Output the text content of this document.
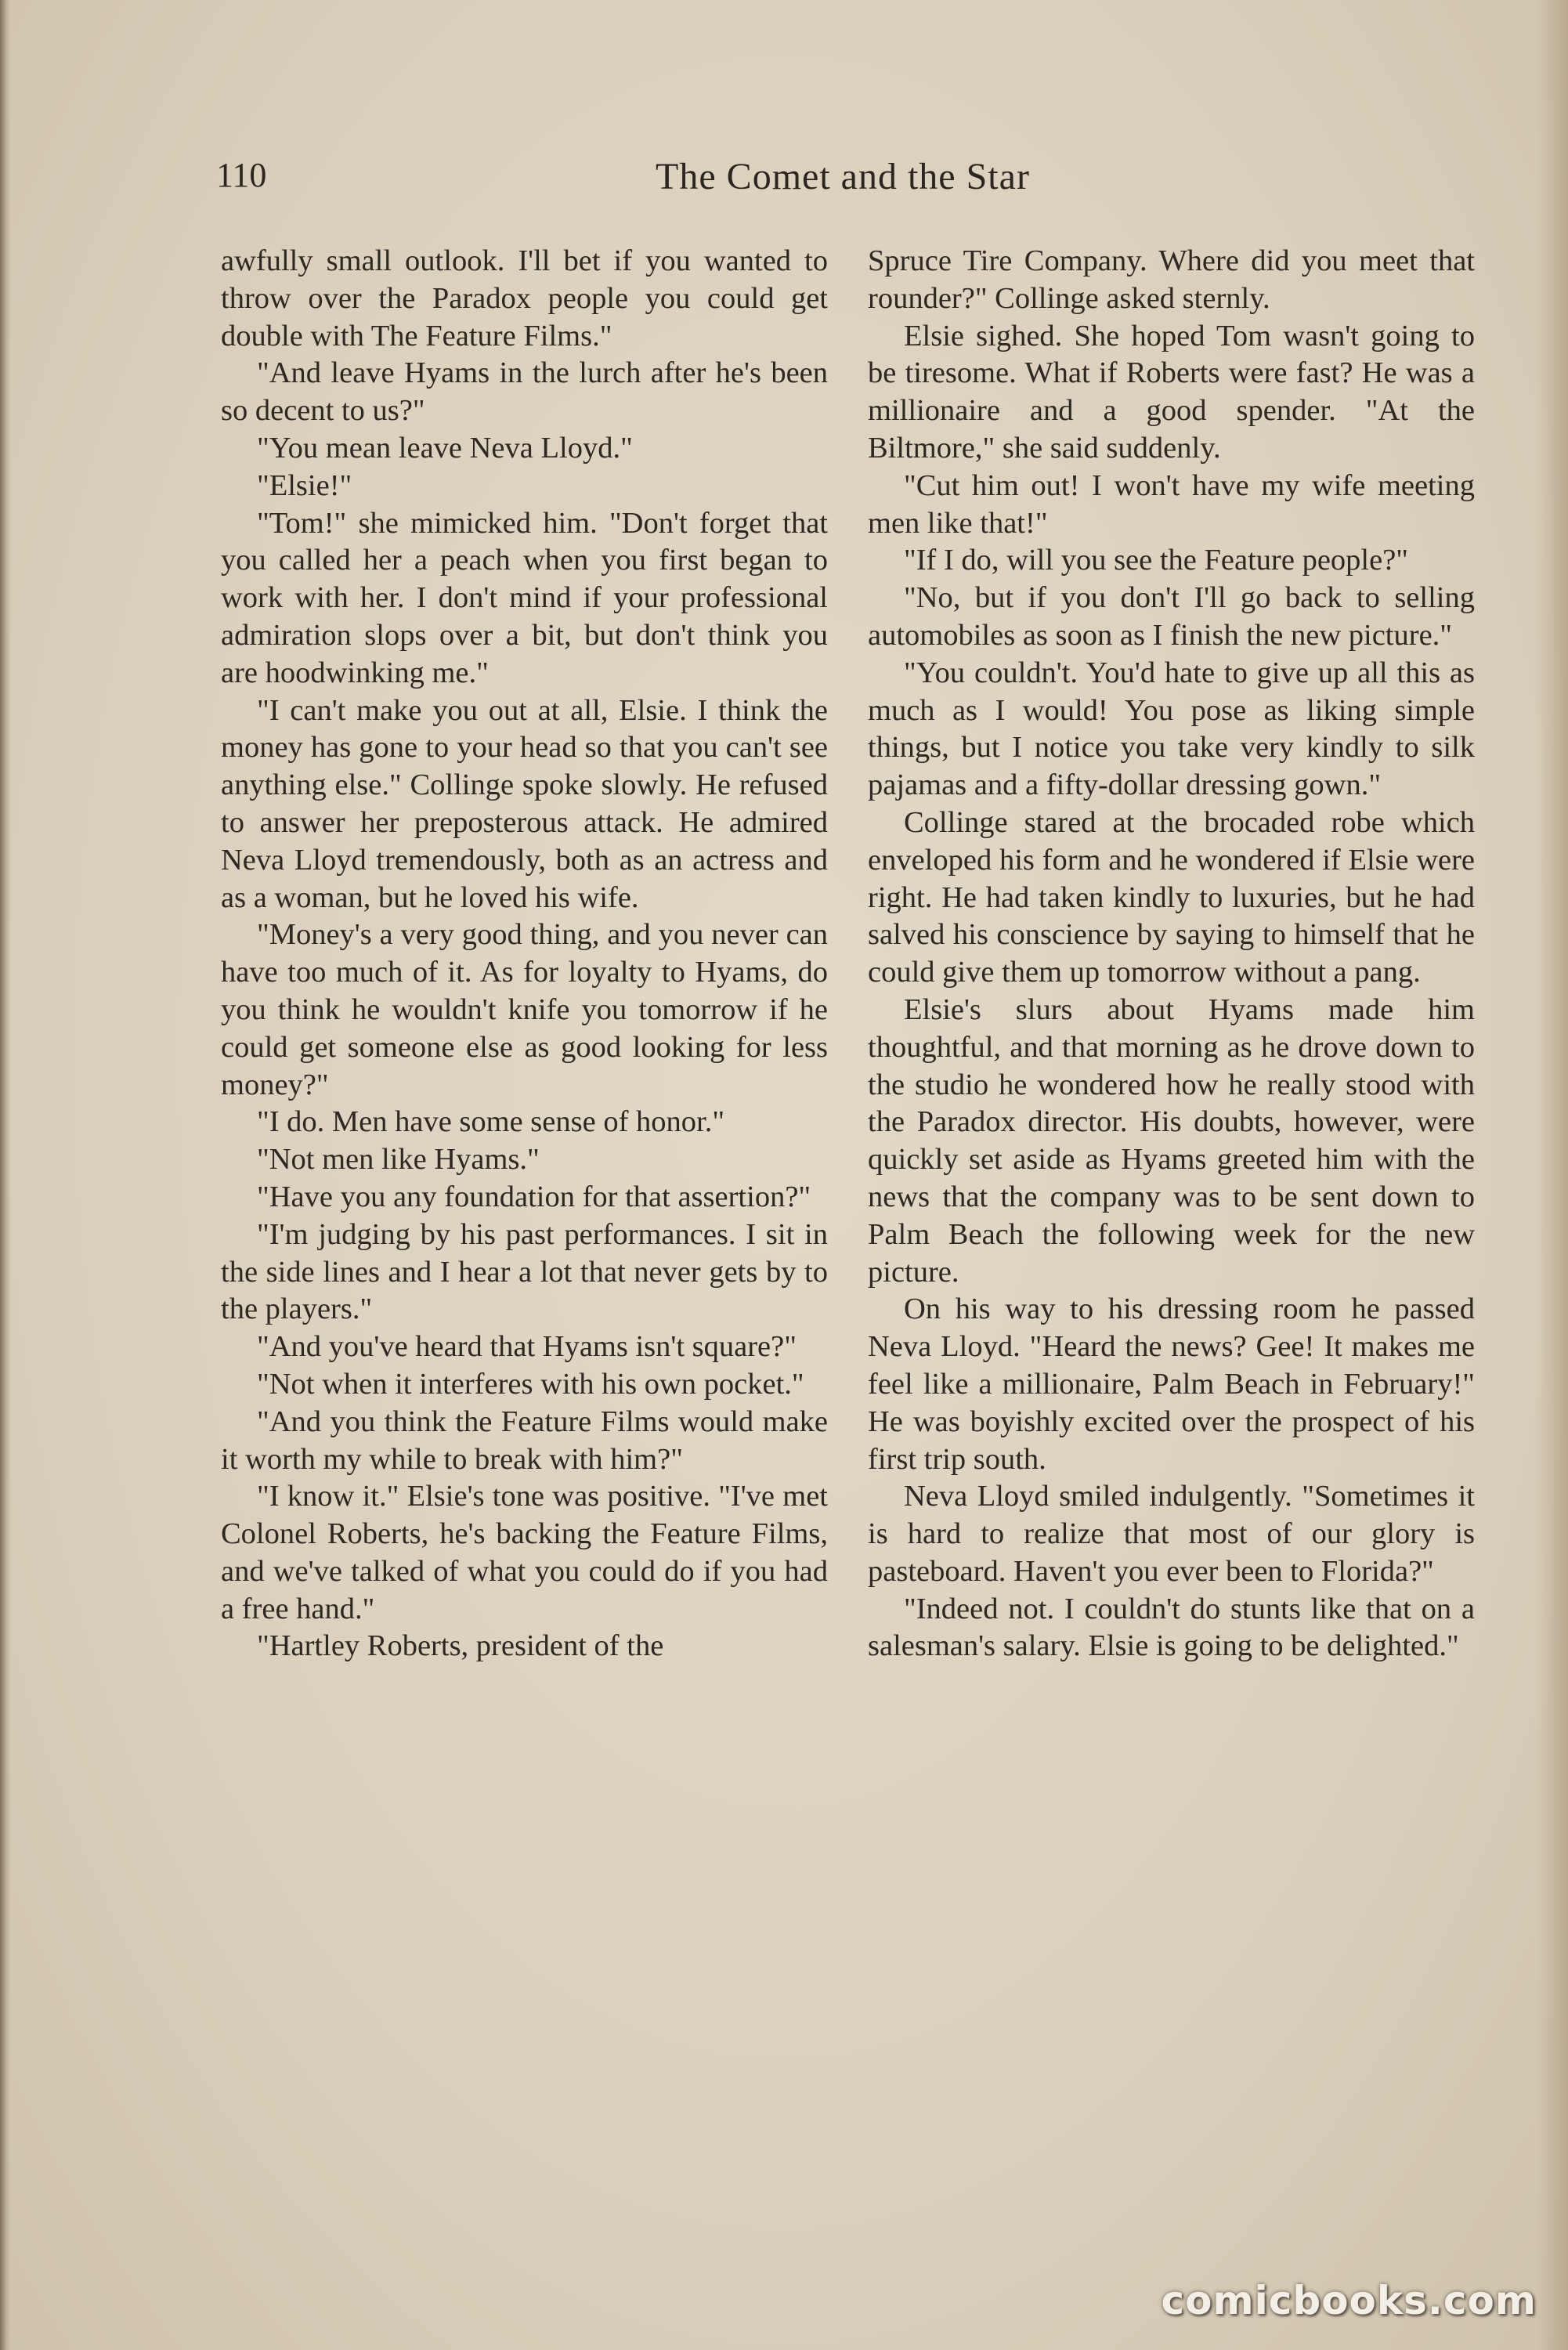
110	The Comet and the Star

awfully small outlook. I'll bet if you wanted to throw over the Paradox people you could get double with The Feature Films."

"And leave Hyams in the lurch after he's been so decent to us?"

"You mean leave Neva Lloyd."

"Elsie!"

"Tom!" she mimicked him. "Don't forget that you called her a peach when you first began to work with her. I don't mind if your professional admiration slops over a bit, but don't think you are hoodwinking me."

"I can't make you out at all, Elsie. I think the money has gone to your head so that you can't see anything else." Collinge spoke slowly. He refused to answer her preposterous attack. He admired Neva Lloyd tremendously, both as an actress and as a woman, but he loved his wife.

"Money's a very good thing, and you never can have too much of it. As for loyalty to Hyams, do you think he wouldn't knife you tomorrow if he could get someone else as good looking for less money?"

"I do. Men have some sense of honor."

"Not men like Hyams."

"Have you any foundation for that assertion?"

"I'm judging by his past performances. I sit in the side lines and I hear a lot that never gets by to the players."

"And you've heard that Hyams isn't square?"

"Not when it interferes with his own pocket."

"And you think the Feature Films would make it worth my while to break with him?"

"I know it." Elsie's tone was positive. "I've met Colonel Roberts, he's backing the Feature Films, and we've talked of what you could do if you had a free hand."

"Hartley Roberts, president of the

Spruce Tire Company. Where did you meet that rounder?" Collinge asked sternly.

Elsie sighed. She hoped Tom wasn't going to be tiresome. What if Roberts were fast? He was a millionaire and a good spender. "At the Biltmore," she said suddenly.

"Cut him out! I won't have my wife meeting men like that!"

"If I do, will you see the Feature people?"

"No, but if you don't I'll go back to selling automobiles as soon as I finish the new picture."

"You couldn't. You'd hate to give up all this as much as I would! You pose as liking simple things, but I notice you take very kindly to silk pajamas and a fifty-dollar dressing gown."

Collinge stared at the brocaded robe which enveloped his form and he wondered if Elsie were right. He had taken kindly to luxuries, but he had salved his conscience by saying to himself that he could give them up tomorrow without a pang.

Elsie's slurs about Hyams made him thoughtful, and that morning as he drove down to the studio he wondered how he really stood with the Paradox director. His doubts, however, were quickly set aside as Hyams greeted him with the news that the company was to be sent down to Palm Beach the following week for the new picture.

On his way to his dressing room he passed Neva Lloyd. "Heard the news? Gee! It makes me feel like a millionaire, Palm Beach in February!" He was boyishly excited over the prospect of his first trip south.

Neva Lloyd smiled indulgently. "Sometimes it is hard to realize that most of our glory is pasteboard. Haven't you ever been to Florida?"

"Indeed not. I couldn't do stunts like that on a salesman's salary. Elsie is going to be delighted."

comicbooks.com
